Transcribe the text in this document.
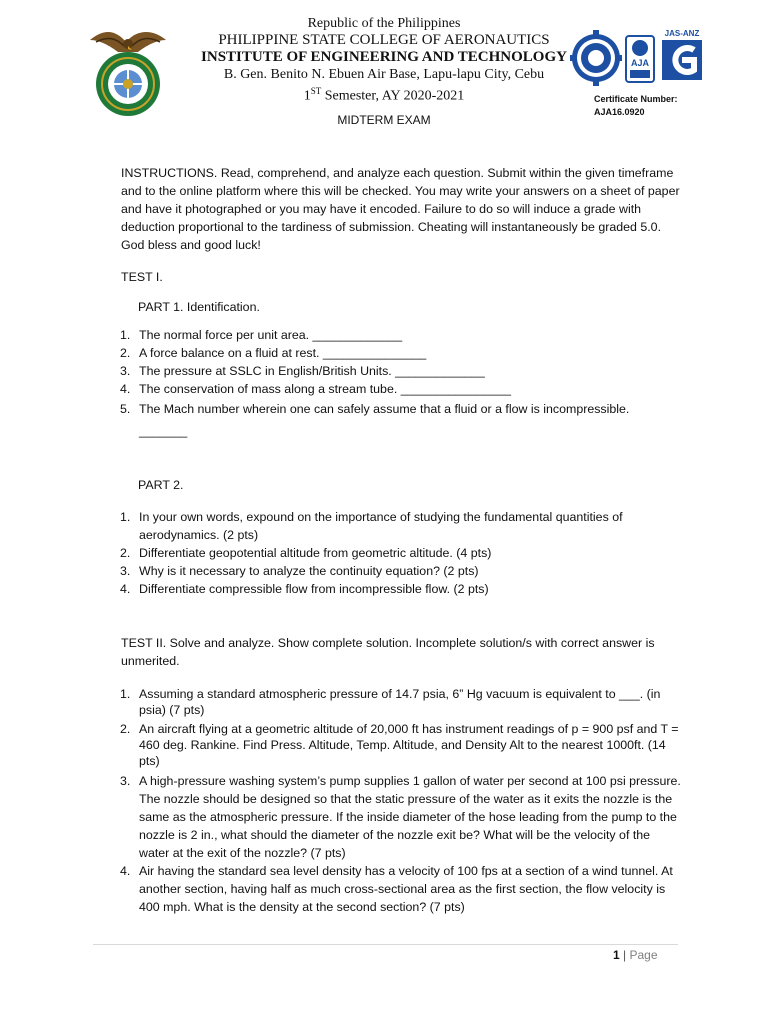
Republic of the Philippines
PHILIPPINE STATE COLLEGE OF AERONAUTICS
INSTITUTE OF ENGINEERING AND TECHNOLOGY
B. Gen. Benito N. Ebuen Air Base, Lapu-lapu City, Cebu
1ST Semester, AY 2020-2021
AJA
JAS-ANZ
Certificate Number:
AJA16.0920
MIDTERM EXAM

INSTRUCTIONS. Read, comprehend, and analyze each question. Submit within the given timeframe and to the online platform where this will be checked. You may write your answers on a sheet of paper and have it photographed or you may have it encoded. Failure to do so will induce a grade with deduction proportional to the tardiness of submission. Cheating will instantaneously be graded 5.0. God bless and good luck!

TEST I.

PART 1. Identification.

1. The normal force per unit area. _____________
2. A force balance on a fluid at rest. _______________
3. The pressure at SSLC in English/British Units. _____________
4. The conservation of mass along a stream tube. ________________
5. The Mach number wherein one can safely assume that a fluid or a flow is incompressible. _______

PART 2.

1. In your own words, expound on the importance of studying the fundamental quantities of aerodynamics. (2 pts)
2. Differentiate geopotential altitude from geometric altitude. (4 pts)
3. Why is it necessary to analyze the continuity equation? (2 pts)
4. Differentiate compressible flow from incompressible flow. (2 pts)

TEST II. Solve and analyze. Show complete solution. Incomplete solution/s with correct answer is unmerited.

1. Assuming a standard atmospheric pressure of 14.7 psia, 6” Hg vacuum is equivalent to ___. (in psia) (7 pts)
2. An aircraft flying at a geometric altitude of 20,000 ft has instrument readings of p = 900 psf and T = 460 deg. Rankine. Find Press. Altitude, Temp. Altitude, and Density Alt to the nearest 1000ft. (14 pts)
3. A high-pressure washing system’s pump supplies 1 gallon of water per second at 100 psi pressure. The nozzle should be designed so that the static pressure of the water as it exits the nozzle is the same as the atmospheric pressure. If the inside diameter of the hose leading from the pump to the nozzle is 2 in., what should the diameter of the nozzle exit be? What will be the velocity of the water at the exit of the nozzle? (7 pts)
4. Air having the standard sea level density has a velocity of 100 fps at a section of a wind tunnel. At another section, having half as much cross-sectional area as the first section, the flow velocity is 400 mph. What is the density at the second section? (7 pts)
1 | Page
